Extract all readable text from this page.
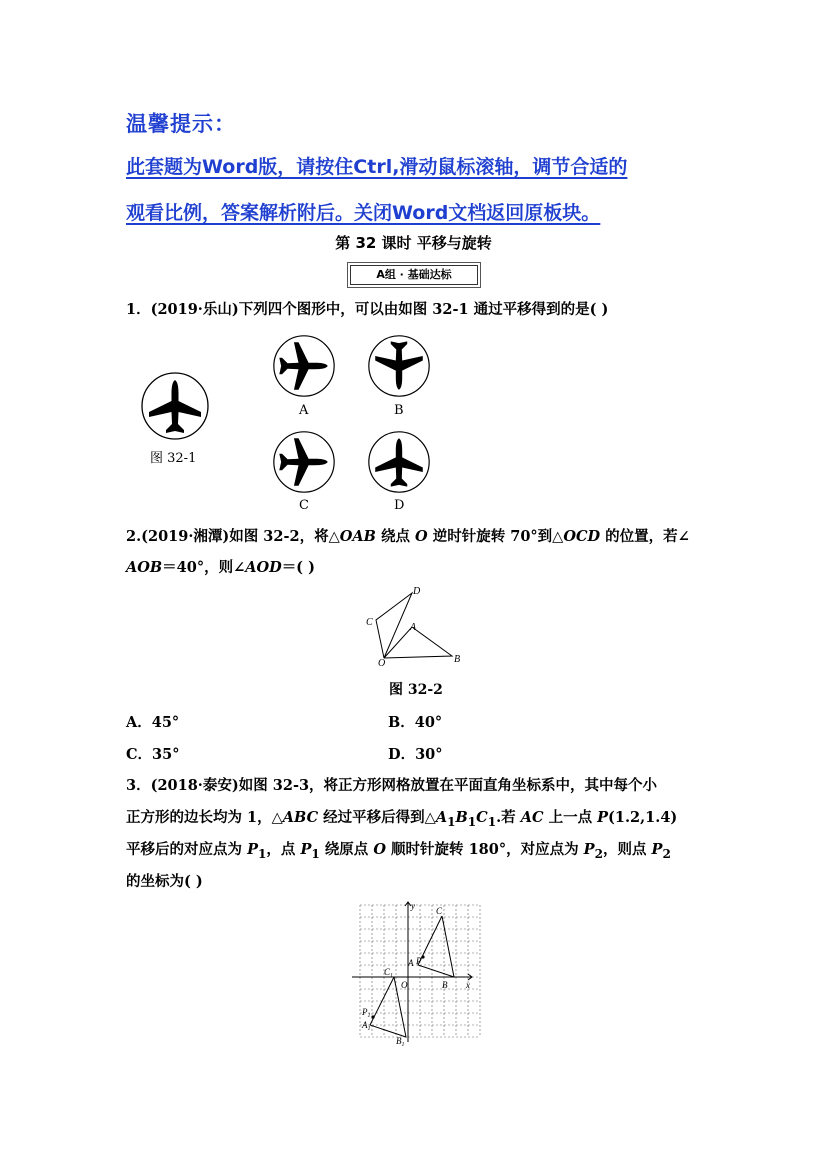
温馨提示：
此套题为Word版，请按住Ctrl,滑动鼠标滚轴，调节合适的
观看比例，答案解析附后。关闭Word文档返回原板块。
第 32 课时 平移与旋转
A组 · 基础达标
1．(2019·乐山)下列四个图形中，可以由如图 32-1 通过平移得到的是( )
图 32-1
A	B
C	D
2.(2019·湘潭)如图 32-2，将△OAB 绕点 O 逆时针旋转 70°到△OCD 的位置，若∠
AOB＝40°，则∠AOD＝( )
D
C	A
O	B
图 32-2
A．45°	B．40°
C．35°	D．30°
3．(2018·泰安)如图 32-3，将正方形网格放置在平面直角坐标系中，其中每个小
正方形的边长均为 1，△ABC 经过平移后得到$\triangle A_1B_1C_1$.若 AC 上一点 P(1.2,1.4)
平移后的对应点为 $P_1$，点 $P_1$ 绕原点 O 顺时针旋转 180°，对应点为 $P_2$，则点 $P_2$
的坐标为( )
y
x
C
A P
B
O
$C_1$
$P_1$
$A_1$
$B_1$
